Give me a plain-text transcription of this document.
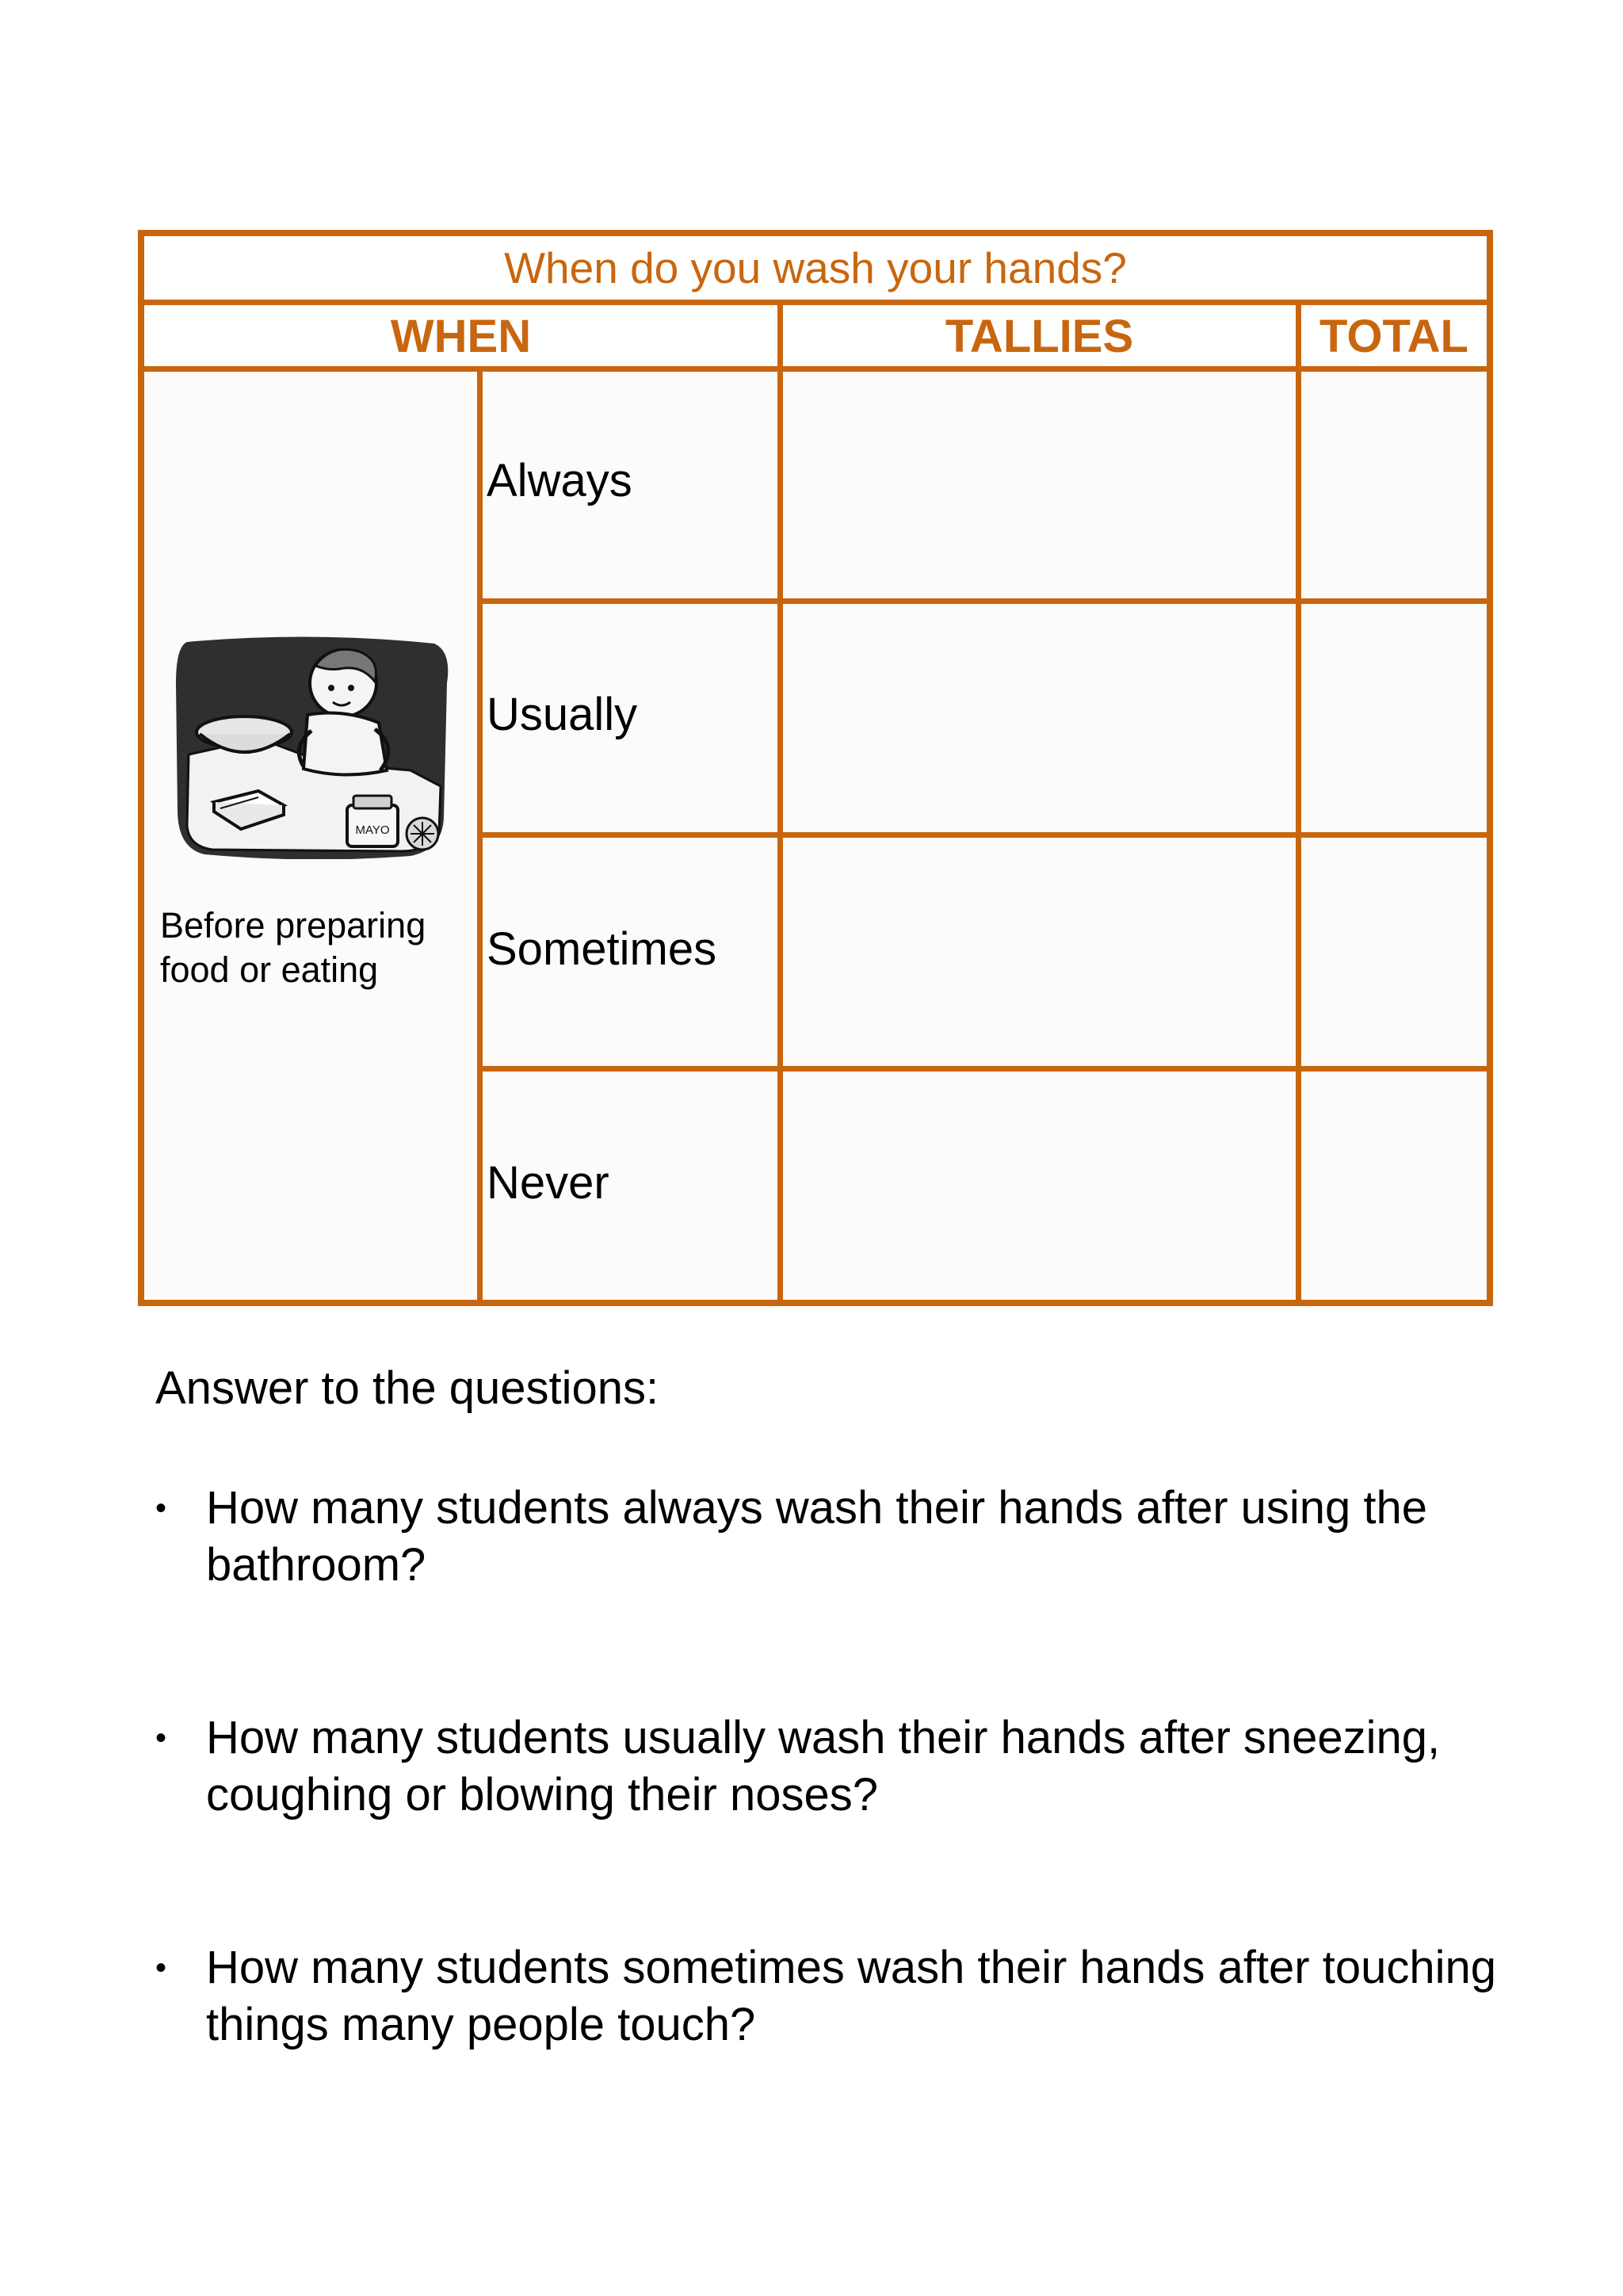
When do you wash your hands?
WHEN	TALLIES	TOTAL
MAYO
Before preparing
food or eating
Always
Usually
Sometimes
Never
Answer to the questions:
• How many students always wash their hands after using the bathroom?
• How many students usually wash their hands after sneezing, coughing or blowing their noses?
• How many students sometimes wash their hands after touching things many people touch?
